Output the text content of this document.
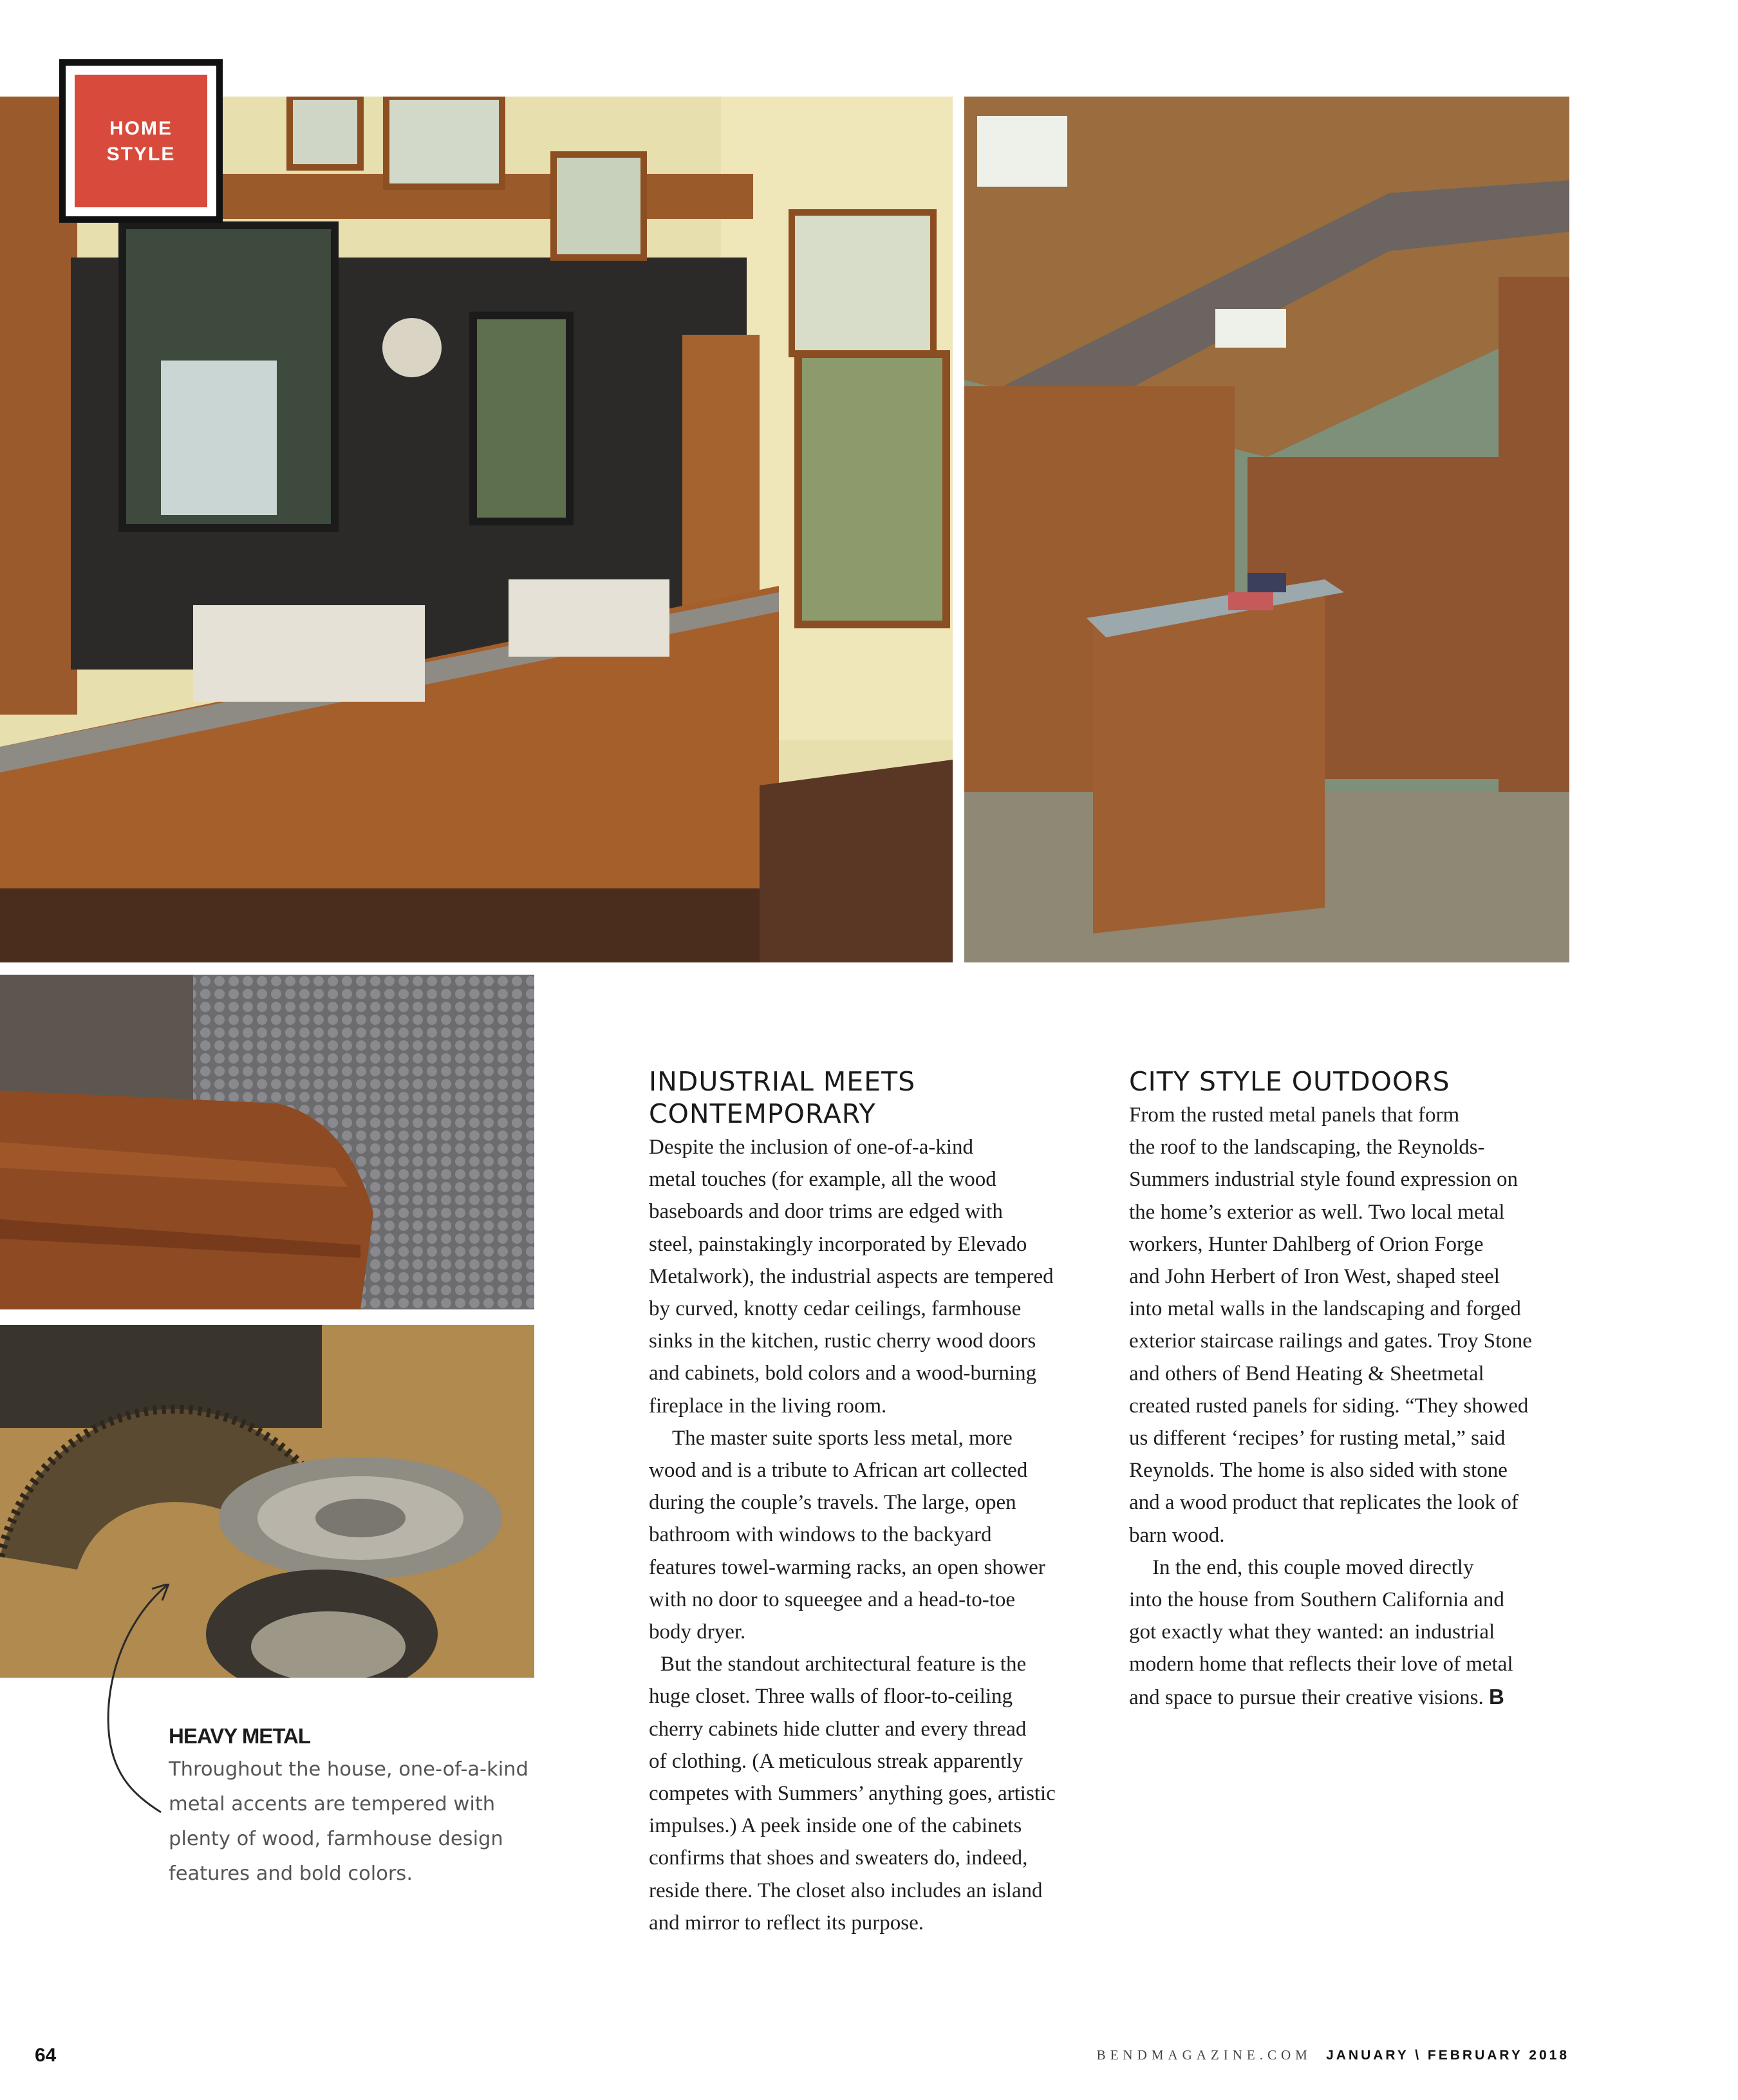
HOME
STYLE
HEAVY METAL
Throughout the house, one-of-a-kind
metal accents are tempered with
plenty of wood, farmhouse design
features and bold colors.
INDUSTRIAL MEETS
CONTEMPORARY

Despite the inclusion of one-of-a-kind
metal touches (for example, all the wood
baseboards and door trims are edged with
steel, painstakingly incorporated by Elevado
Metalwork), the industrial aspects are tempered
by curved, knotty cedar ceilings, farmhouse
sinks in the kitchen, rustic cherry wood doors
and cabinets, bold colors and a wood-burning
fireplace in the living room.

The master suite sports less metal, more
wood and is a tribute to African art collected
during the couple’s travels. The large, open
bathroom with windows to the backyard
features towel-warming racks, an open shower
with no door to squeegee and a head-to-toe
body dryer.

But the standout architectural feature is the
huge closet. Three walls of floor-to-ceiling
cherry cabinets hide clutter and every thread
of clothing. (A meticulous streak apparently
competes with Summers’ anything goes, artistic
impulses.) A peek inside one of the cabinets
confirms that shoes and sweaters do, indeed,
reside there. The closet also includes an island
and mirror to reflect its purpose.

CITY STYLE OUTDOORS

From the rusted metal panels that form
the roof to the landscaping, the Reynolds-
Summers industrial style found expression on
the home’s exterior as well. Two local metal
workers, Hunter Dahlberg of Orion Forge
and John Herbert of Iron West, shaped steel
into metal walls in the landscaping and forged
exterior staircase railings and gates. Troy Stone
and others of Bend Heating & Sheetmetal
created rusted panels for siding. “They showed
us different ‘recipes’ for rusting metal,” said
Reynolds. The home is also sided with stone
and a wood product that replicates the look of
barn wood.

In the end, this couple moved directly
into the house from Southern California and
got exactly what they wanted: an industrial
modern home that reflects their love of metal
and space to pursue their creative visions. B

64	BENDMAGAZINE.COM JANUARY \ FEBRUARY 2018
